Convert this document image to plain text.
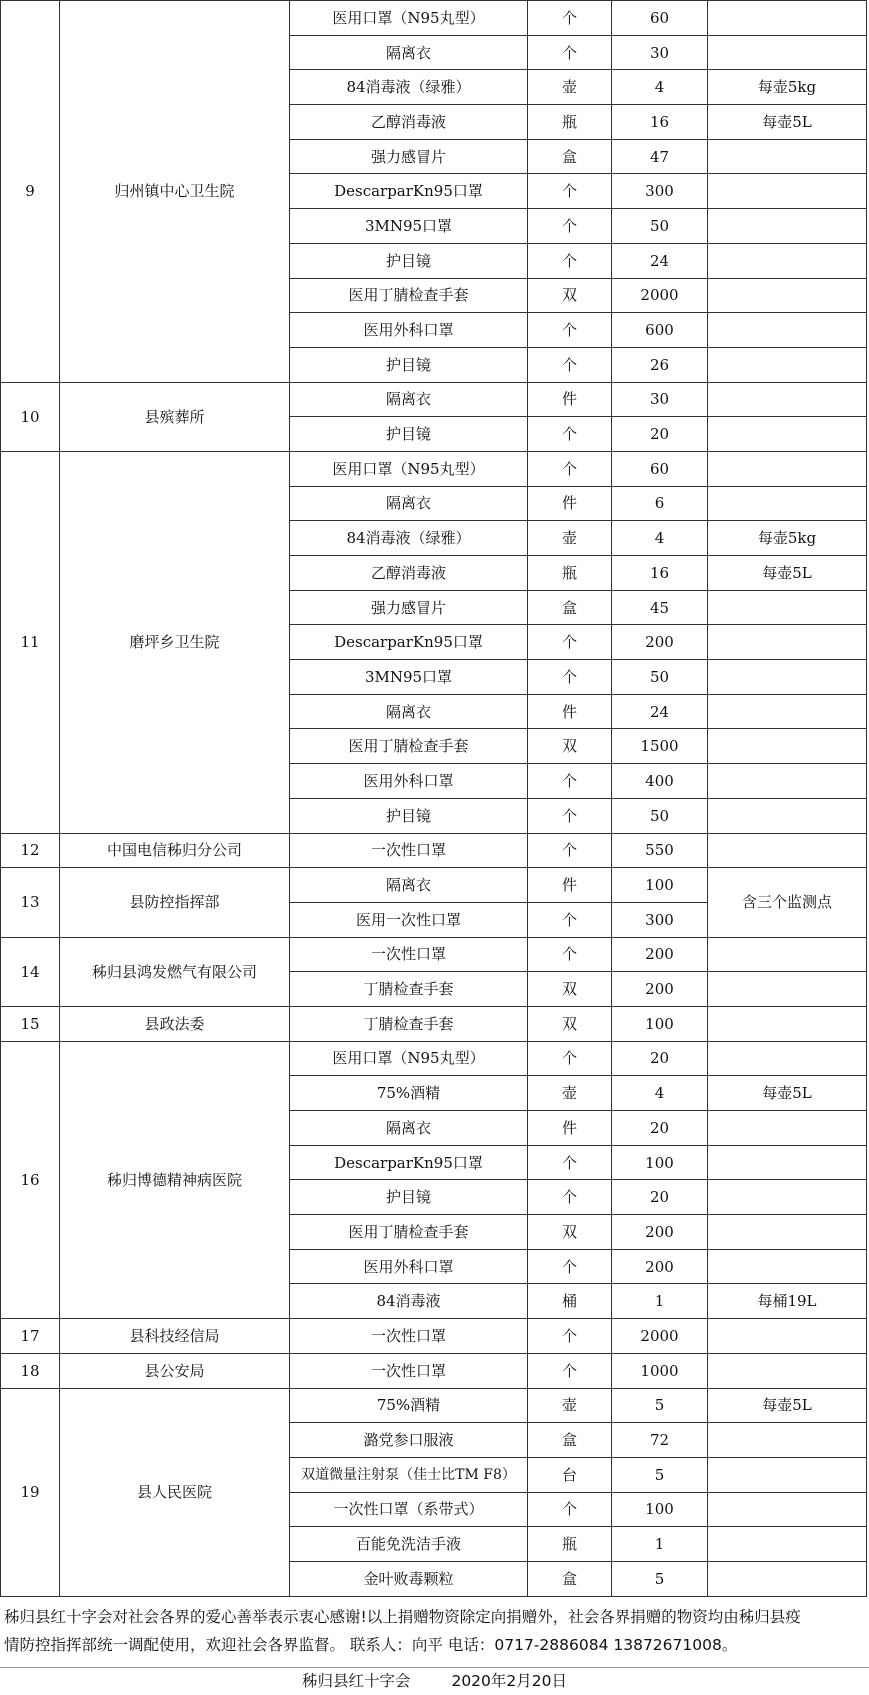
9	归州镇中心卫生院	医用口罩（N95丸型）	个	60	
		隔离衣	个	30	
		84消毒液（绿雅）	壶	4	每壶5kg
		乙醇消毒液	瓶	16	每壶5L
		强力感冒片	盒	47	
		DescarparKn95口罩	个	300	
		3MN95口罩	个	50	
		护目镜	个	24	
		医用丁腈检查手套	双	2000	
		医用外科口罩	个	600	
		护目镜	个	26	
10	县殡葬所	隔离衣	件	30	
		护目镜	个	20	
11	磨坪乡卫生院	医用口罩（N95丸型）	个	60	
		隔离衣	件	6	
		84消毒液（绿雅）	壶	4	每壶5kg
		乙醇消毒液	瓶	16	每壶5L
		强力感冒片	盒	45	
		DescarparKn95口罩	个	200	
		3MN95口罩	个	50	
		隔离衣	件	24	
		医用丁腈检查手套	双	1500	
		医用外科口罩	个	400	
		护目镜	个	50	
12	中国电信秭归分公司	一次性口罩	个	550	
13	县防控指挥部	隔离衣	件	100	含三个监测点
		医用一次性口罩	个	300	
14	秭归县鸿发燃气有限公司	一次性口罩	个	200	
		丁腈检查手套	双	200	
15	县政法委	丁腈检查手套	双	100	
16	秭归博德精神病医院	医用口罩（N95丸型）	个	20	
		75%酒精	壶	4	每壶5L
		隔离衣	件	20	
		DescarparKn95口罩	个	100	
		护目镜	个	20	
		医用丁腈检查手套	双	200	
		医用外科口罩	个	200	
		84消毒液	桶	1	每桶19L
17	县科技经信局	一次性口罩	个	2000	
18	县公安局	一次性口罩	个	1000	
19	县人民医院	75%酒精	壶	5	每壶5L
		潞党参口服液	盒	72	
		双道微量注射泵（佳士比TM F8）	台	5	
		一次性口罩（系带式）	个	100	
		百能免洗洁手液	瓶	1	
		金叶败毒颗粒	盒	5	

秭归县红十字会对社会各界的爱心善举表示衷心感谢!以上捐赠物资除定向捐赠外，社会各界捐赠的物资均由秭归县疫

情防控指挥部统一调配使用，欢迎社会各界监督。 联系人：向平 电话：0717-2886084 13872671008。

秭归县红十字会	2020年2月20日
